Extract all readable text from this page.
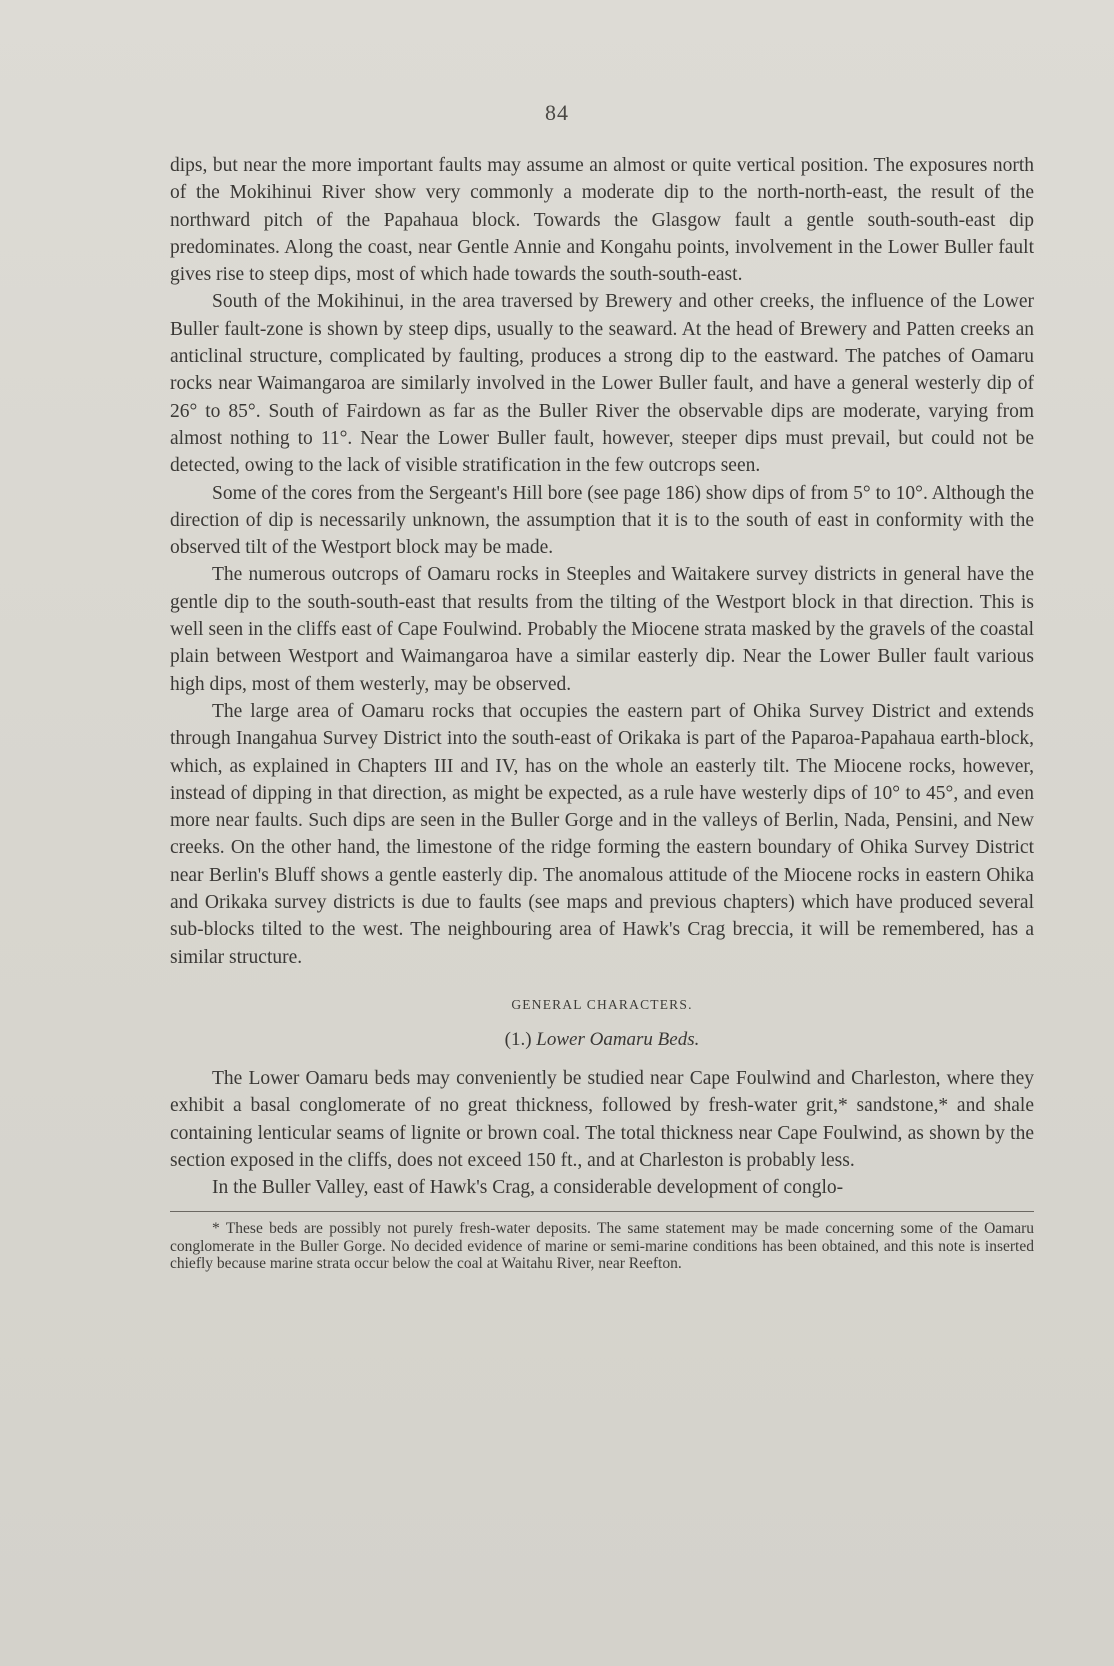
84

dips, but near the more important faults may assume an almost or quite vertical position. The exposures north of the Mokihinui River show very commonly a moderate dip to the north-north-east, the result of the northward pitch of the Papahaua block. Towards the Glasgow fault a gentle south-south-east dip predominates. Along the coast, near Gentle Annie and Kongahu points, involvement in the Lower Buller fault gives rise to steep dips, most of which hade towards the south-south-east.

South of the Mokihinui, in the area traversed by Brewery and other creeks, the influence of the Lower Buller fault-zone is shown by steep dips, usually to the seaward. At the head of Brewery and Patten creeks an anticlinal structure, complicated by faulting, produces a strong dip to the eastward. The patches of Oamaru rocks near Waimangaroa are similarly involved in the Lower Buller fault, and have a general westerly dip of 26° to 85°. South of Fairdown as far as the Buller River the observable dips are moderate, varying from almost nothing to 11°. Near the Lower Buller fault, however, steeper dips must prevail, but could not be detected, owing to the lack of visible stratification in the few outcrops seen.

Some of the cores from the Sergeant's Hill bore (see page 186) show dips of from 5° to 10°. Although the direction of dip is necessarily unknown, the assumption that it is to the south of east in conformity with the observed tilt of the Westport block may be made.

The numerous outcrops of Oamaru rocks in Steeples and Waitakere survey districts in general have the gentle dip to the south-south-east that results from the tilting of the Westport block in that direction. This is well seen in the cliffs east of Cape Foulwind. Probably the Miocene strata masked by the gravels of the coastal plain between Westport and Waimangaroa have a similar easterly dip. Near the Lower Buller fault various high dips, most of them westerly, may be observed.

The large area of Oamaru rocks that occupies the eastern part of Ohika Survey District and extends through Inangahua Survey District into the south-east of Orikaka is part of the Paparoa-Papahaua earth-block, which, as explained in Chapters III and IV, has on the whole an easterly tilt. The Miocene rocks, however, instead of dipping in that direction, as might be expected, as a rule have westerly dips of 10° to 45°, and even more near faults. Such dips are seen in the Buller Gorge and in the valleys of Berlin, Nada, Pensini, and New creeks. On the other hand, the limestone of the ridge forming the eastern boundary of Ohika Survey District near Berlin's Bluff shows a gentle easterly dip. The anomalous attitude of the Miocene rocks in eastern Ohika and Orikaka survey districts is due to faults (see maps and previous chapters) which have produced several sub-blocks tilted to the west. The neighbouring area of Hawk's Crag breccia, it will be remembered, has a similar structure.

GENERAL CHARACTERS.
(1.) Lower Oamaru Beds.

The Lower Oamaru beds may conveniently be studied near Cape Foulwind and Charleston, where they exhibit a basal conglomerate of no great thickness, followed by fresh-water grit,* sandstone,* and shale containing lenticular seams of lignite or brown coal. The total thickness near Cape Foulwind, as shown by the section exposed in the cliffs, does not exceed 150 ft., and at Charleston is probably less.

In the Buller Valley, east of Hawk's Crag, a considerable development of conglo-

* These beds are possibly not purely fresh-water deposits. The same statement may be made concerning some of the Oamaru conglomerate in the Buller Gorge. No decided evidence of marine or semi-marine conditions has been obtained, and this note is inserted chiefly because marine strata occur below the coal at Waitahu River, near Reefton.
